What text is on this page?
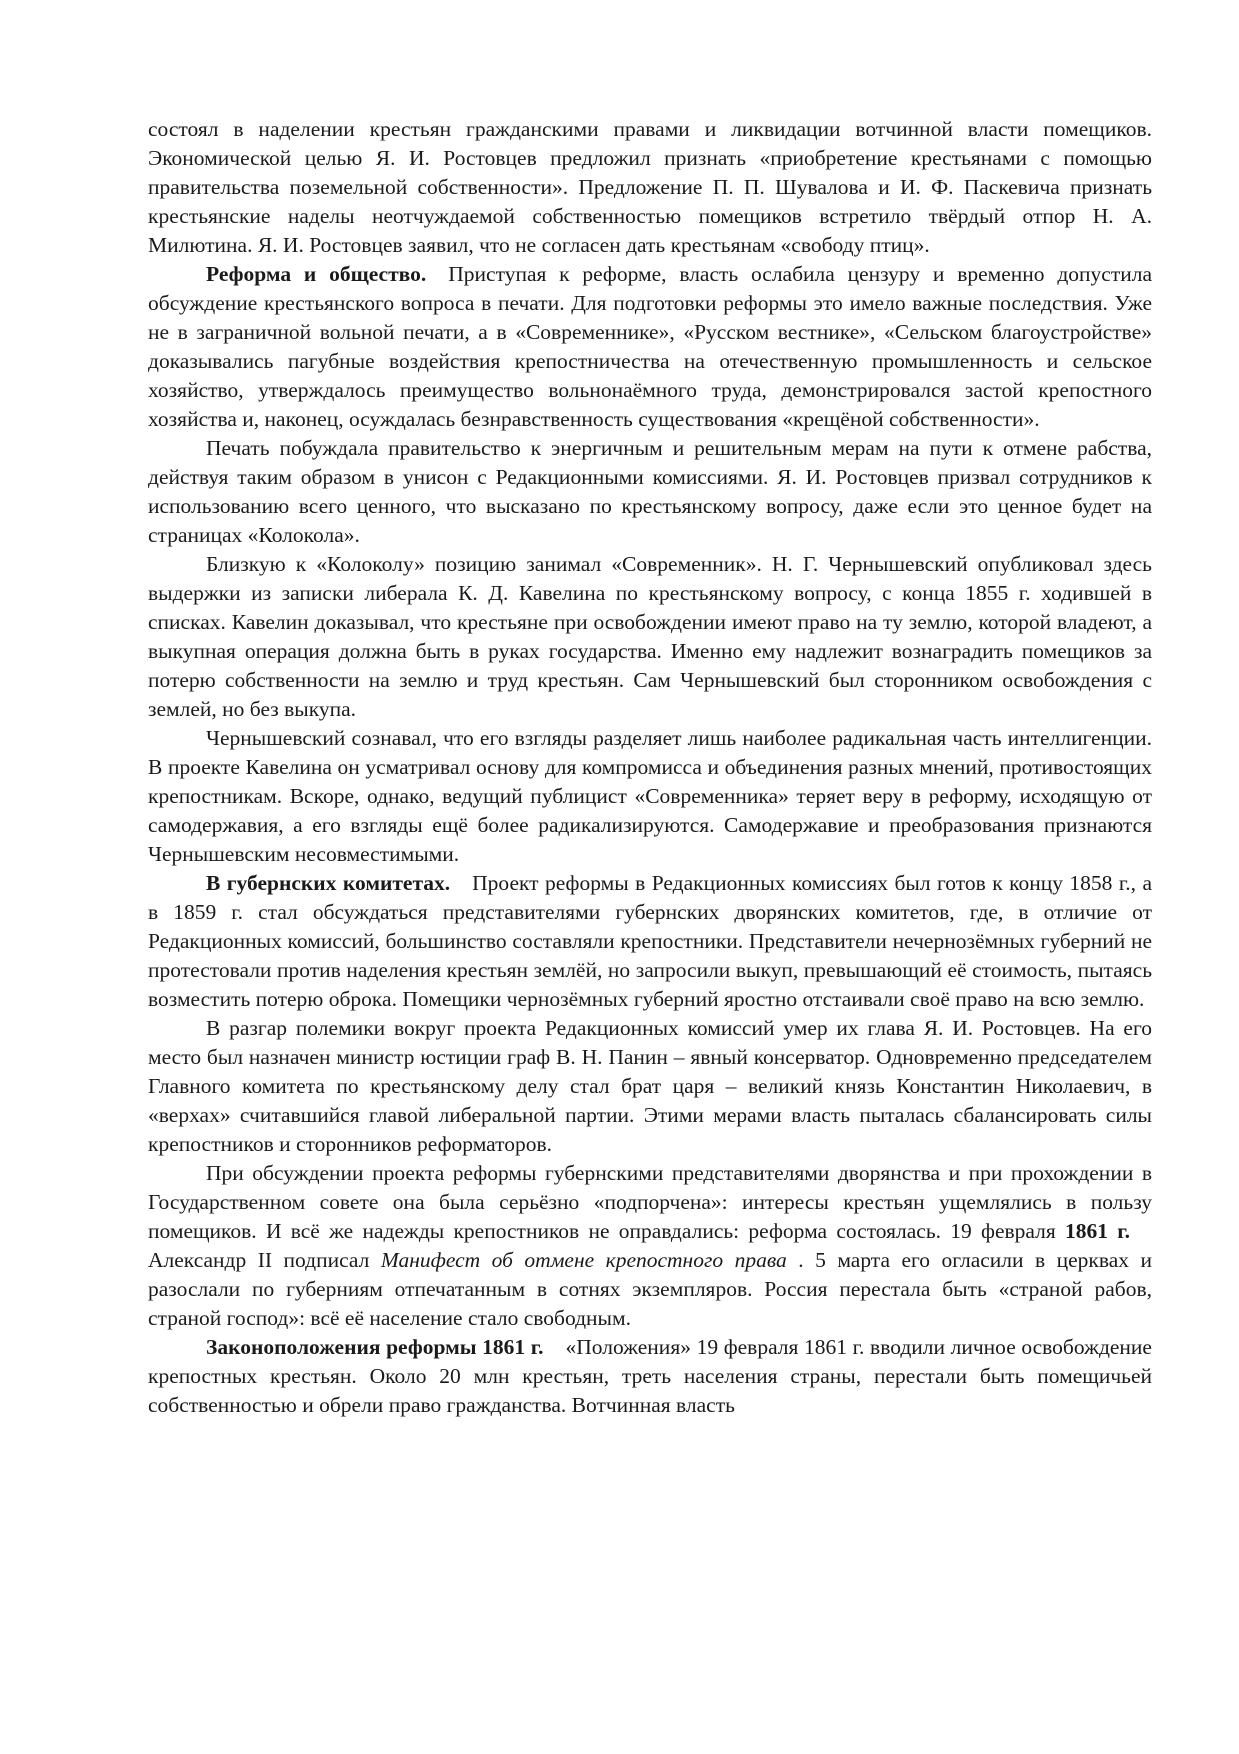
состоял в наделении крестьян гражданскими правами и ликвидации вотчинной власти помещиков. Экономической целью Я. И. Ростовцев предложил признать «приобретение крестьянами с помощью правительства поземельной собственности». Предложение П. П. Шувалова и И. Ф. Паскевича признать крестьянские наделы неотчуждаемой собственностью помещиков встретило твёрдый отпор Н. А. Милютина. Я. И. Ростовцев заявил, что не согласен дать крестьянам «свободу птиц».

Реформа и общество. Приступая к реформе, власть ослабила цензуру и временно допустила обсуждение крестьянского вопроса в печати. Для подготовки реформы это имело важные последствия. Уже не в заграничной вольной печати, а в «Современнике», «Русском вестнике», «Сельском благоустройстве» доказывались пагубные воздействия крепостничества на отечественную промышленность и сельское хозяйство, утверждалось преимущество вольнонаёмного труда, демонстрировался застой крепостного хозяйства и, наконец, осуждалась безнравственность существования «крещёной собственности».

Печать побуждала правительство к энергичным и решительным мерам на пути к отмене рабства, действуя таким образом в унисон с Редакционными комиссиями. Я. И. Ростовцев призвал сотрудников к использованию всего ценного, что высказано по крестьянскому вопросу, даже если это ценное будет на страницах «Колокола».

Близкую к «Колоколу» позицию занимал «Современник». Н. Г. Чернышевский опубликовал здесь выдержки из записки либерала К. Д. Кавелина по крестьянскому вопросу, с конца 1855 г. ходившей в списках. Кавелин доказывал, что крестьяне при освобождении имеют право на ту землю, которой владеют, а выкупная операция должна быть в руках государства. Именно ему надлежит вознаградить помещиков за потерю собственности на землю и труд крестьян. Сам Чернышевский был сторонником освобождения с землей, но без выкупа.

Чернышевский сознавал, что его взгляды разделяет лишь наиболее радикальная часть интеллигенции. В проекте Кавелина он усматривал основу для компромисса и объединения разных мнений, противостоящих крепостникам. Вскоре, однако, ведущий публицист «Современника» теряет веру в реформу, исходящую от самодержавия, а его взгляды ещё более радикализируются. Самодержавие и преобразования признаются Чернышевским несовместимыми.

В губернских комитетах. Проект реформы в Редакционных комиссиях был готов к концу 1858 г., а в 1859 г. стал обсуждаться представителями губернских дворянских комитетов, где, в отличие от Редакционных комиссий, большинство составляли крепостники. Представители нечернозёмных губерний не протестовали против наделения крестьян землёй, но запросили выкуп, превышающий её стоимость, пытаясь возместить потерю оброка. Помещики чернозёмных губерний яростно отстаивали своё право на всю землю.

В разгар полемики вокруг проекта Редакционных комиссий умер их глава Я. И. Ростовцев. На его место был назначен министр юстиции граф В. Н. Панин – явный консерватор. Одновременно председателем Главного комитета по крестьянскому делу стал брат царя – великий князь Константин Николаевич, в «верхах» считавшийся главой либеральной партии. Этими мерами власть пыталась сбалансировать силы крепостников и сторонников реформаторов.

При обсуждении проекта реформы губернскими представителями дворянства и при прохождении в Государственном совете она была серьёзно «подпорчена»: интересы крестьян ущемлялись в пользу помещиков. И всё же надежды крепостников не оправдались: реформа состоялась. 19 февраля 1861 г.Александр II подписал Манифест об отмене крепостного права . 5 марта его огласили в церквах и разослали по губерниям отпечатанным в сотнях экземпляров. Россия перестала быть «страной рабов, страной господ»: всё её население стало свободным.

Законоположения реформы 1861 г. «Положения» 19 февраля 1861 г. вводили личное освобождение крепостных крестьян. Около 20 млн крестьян, треть населения страны, перестали быть помещичьей собственностью и обрели право гражданства. Вотчинная власть
